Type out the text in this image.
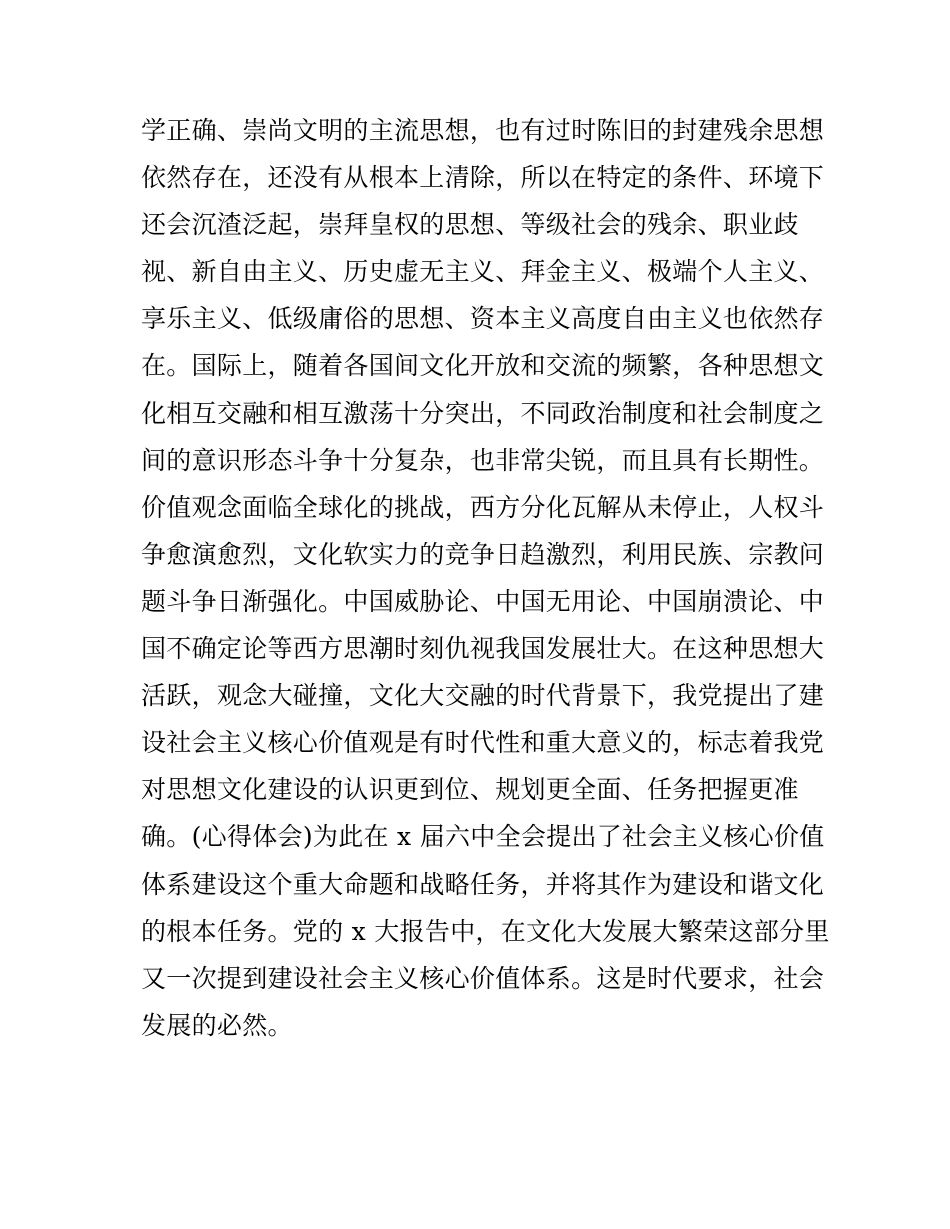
学正确、崇尚文明的主流思想，也有过时陈旧的封建残余思想
依然存在，还没有从根本上清除，所以在特定的条件、环境下
还会沉渣泛起，崇拜皇权的思想、等级社会的残余、职业歧
视、新自由主义、历史虚无主义、拜金主义、极端个人主义、
享乐主义、低级庸俗的思想、资本主义高度自由主义也依然存
在。国际上，随着各国间文化开放和交流的频繁，各种思想文
化相互交融和相互激荡十分突出，不同政治制度和社会制度之
间的意识形态斗争十分复杂，也非常尖锐，而且具有长期性。
价值观念面临全球化的挑战，西方分化瓦解从未停止，人权斗
争愈演愈烈，文化软实力的竞争日趋激烈，利用民族、宗教问
题斗争日渐强化。中国威胁论、中国无用论、中国崩溃论、中
国不确定论等西方思潮时刻仇视我国发展壮大。在这种思想大
活跃，观念大碰撞，文化大交融的时代背景下，我党提出了建
设社会主义核心价值观是有时代性和重大意义的，标志着我党
对思想文化建设的认识更到位、规划更全面、任务把握更准
确。(心得体会)为此在 x 届六中全会提出了社会主义核心价值
体系建设这个重大命题和战略任务，并将其作为建设和谐文化
的根本任务。党的 x 大报告中，在文化大发展大繁荣这部分里
又一次提到建设社会主义核心价值体系。这是时代要求，社会
发展的必然。
